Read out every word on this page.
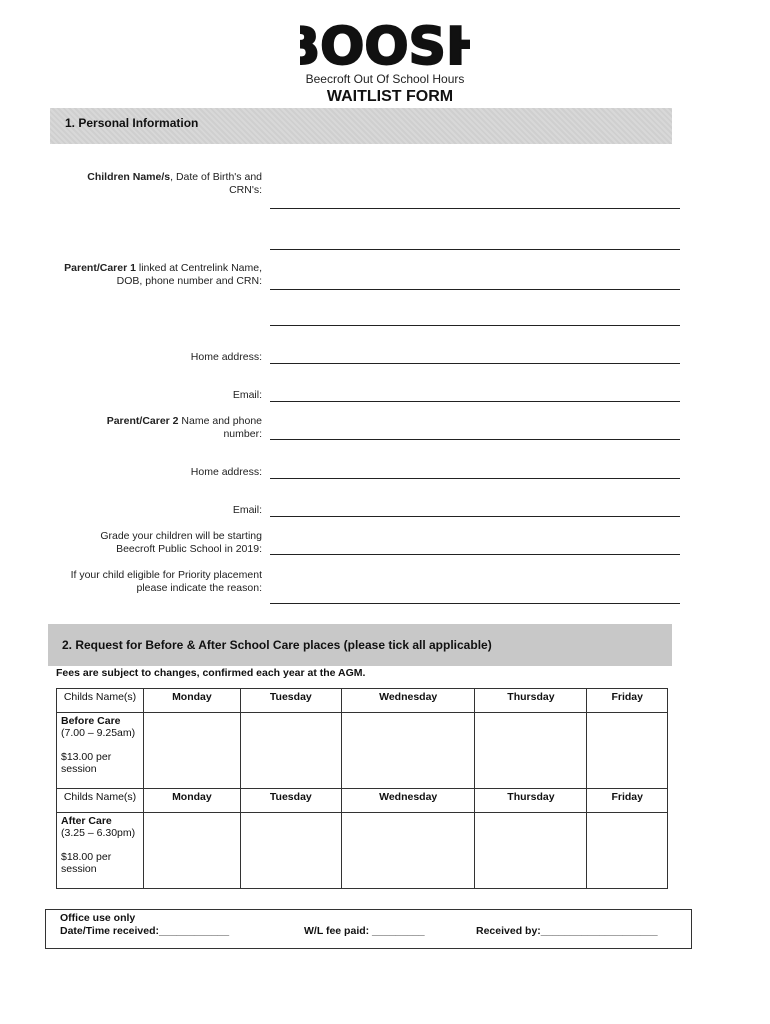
BOOSH
Beecroft Out Of School Hours
WAITLIST FORM
1. Personal Information
Children Name/s, Date of Birth's and CRN's:
Parent/Carer 1 linked at Centrelink Name, DOB, phone number and CRN:
Home address:
Email:
Parent/Carer 2 Name and phone number:
Home address:
Email:
Grade your children will be starting Beecroft Public School in 2019:
If your child eligible for Priority placement please indicate the reason:
2. Request for Before & After School Care places (please tick all applicable)
Fees are subject to changes, confirmed each year at the AGM.
Childs Name(s)	Monday	Tuesday	Wednesday	Thursday	Friday

Before Care
(7.00 – 9.25am)
$13.00 per session					

Childs Name(s)	Monday	Tuesday	Wednesday	Thursday	Friday

After Care
(3.25 – 6.30pm)
$18.00 per session					

Office use only
Date/Time received:____________	W/L fee paid: _________	Received by:____________________
